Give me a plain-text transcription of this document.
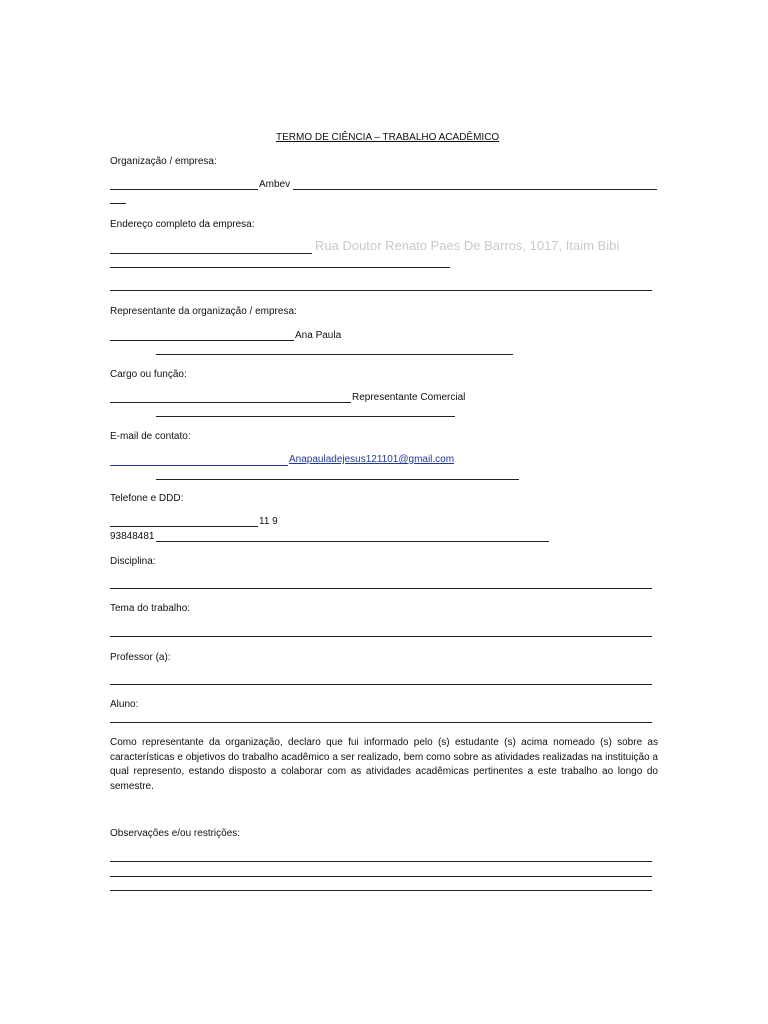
TERMO DE CIÊNCIA – TRABALHO ACADÊMICO
Organização / empresa:
Ambev
Endereço completo da empresa:
Rua Doutor Renato Paes De Barros, 1017, Itaim Bibi
Representante da organização / empresa:
Ana Paula
Cargo ou função:
Representante Comercial
E-mail de contato:
Anapauladejesus121101@gmail.com
Telefone e DDD:
11 9
93848481
Disciplina:
Tema do trabalho:
Professor (a):
Aluno:
Como representante da organização, declaro que fui informado pelo (s) estudante (s) acima nomeado (s) sobre as características e objetivos do trabalho acadêmico a ser realizado, bem como sobre as atividades realizadas na instituição a qual represento, estando disposto a colaborar com as atividades acadêmicas pertinentes a este trabalho ao longo do semestre.
Observações e/ou restrições:
